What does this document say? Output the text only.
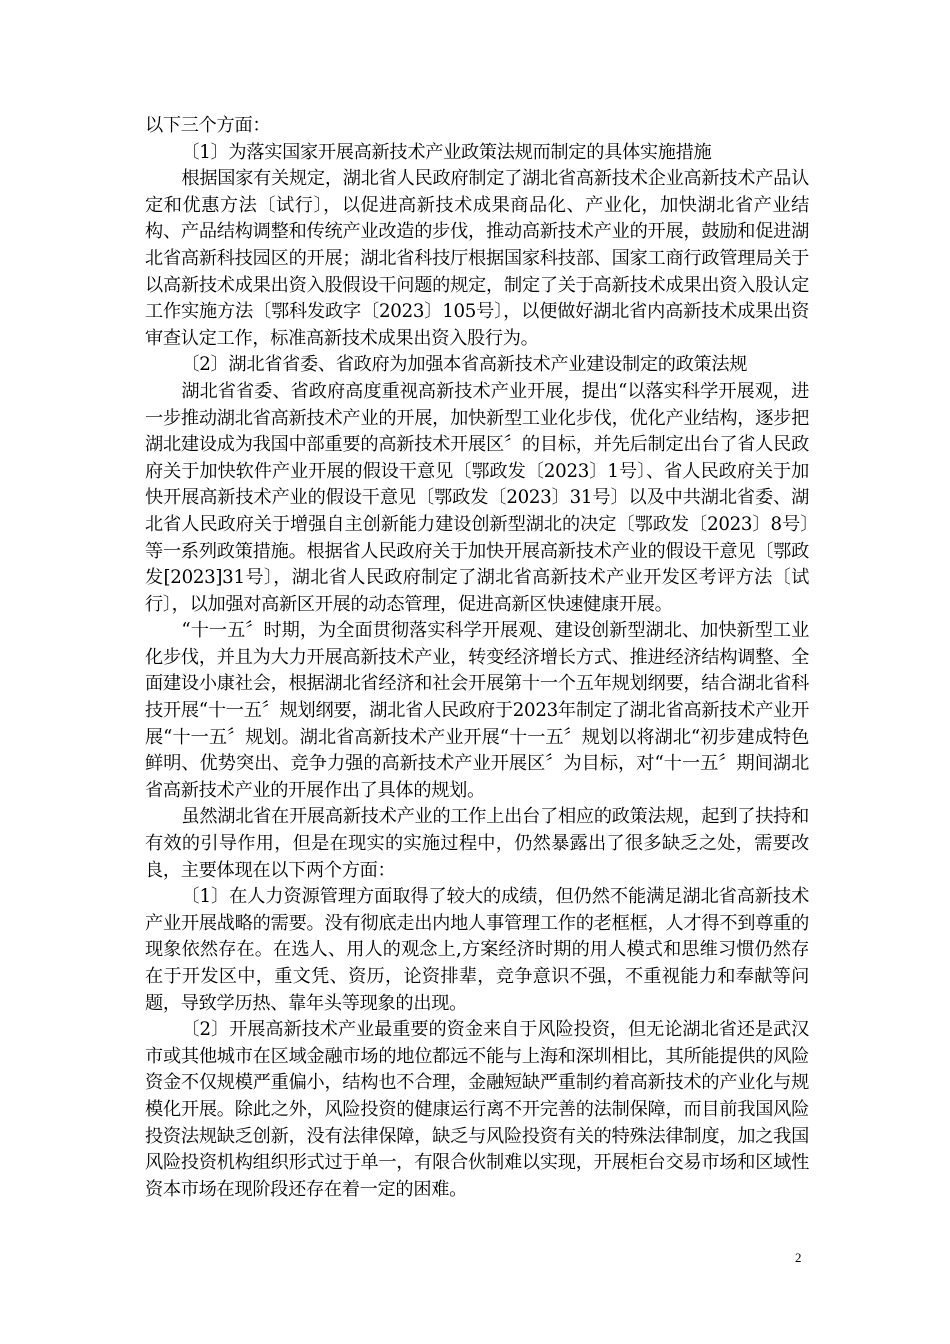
以下三个方面：

〔1〕为落实国家开展高新技术产业政策法规而制定的具体实施措施

根据国家有关规定，湖北省人民政府制定了湖北省高新技术企业高新技术产品认定和优惠方法〔试行〕，以促进高新技术成果商品化、产业化，加快湖北省产业结构、产品结构调整和传统产业改造的步伐，推动高新技术产业的开展，鼓励和促进湖北省高新科技园区的开展；湖北省科技厅根据国家科技部、国家工商行政管理局关于以高新技术成果出资入股假设干问题的规定，制定了关于高新技术成果出资入股认定工作实施方法〔鄂科发政字〔2023〕105号〕，以便做好湖北省内高新技术成果出资审查认定工作，标准高新技术成果出资入股行为。

〔2〕湖北省省委、省政府为加强本省高新技术产业建设制定的政策法规

湖北省省委、省政府高度重视高新技术产业开展，提出“以落实科学开展观，进一步推动湖北省高新技术产业的开展，加快新型工业化步伐，优化产业结构，逐步把湖北建设成为我国中部重要的高新技术开展区〞的目标，并先后制定出台了省人民政府关于加快软件产业开展的假设干意见〔鄂政发〔2023〕1号〕、省人民政府关于加快开展高新技术产业的假设干意见〔鄂政发〔2023〕31号〕以及中共湖北省委、湖北省人民政府关于增强自主创新能力建设创新型湖北的决定〔鄂政发〔2023〕8号〕等一系列政策措施。根据省人民政府关于加快开展高新技术产业的假设干意见〔鄂政发[2023]31号〕，湖北省人民政府制定了湖北省高新技术产业开发区考评方法〔试行〕，以加强对高新区开展的动态管理，促进高新区快速健康开展。

“十一五〞时期，为全面贯彻落实科学开展观、建设创新型湖北、加快新型工业化步伐，并且为大力开展高新技术产业，转变经济增长方式、推进经济结构调整、全面建设小康社会，根据湖北省经济和社会开展第十一个五年规划纲要，结合湖北省科技开展“十一五〞规划纲要，湖北省人民政府于2023年制定了湖北省高新技术产业开展“十一五〞规划。湖北省高新技术产业开展“十一五〞规划以将湖北“初步建成特色鲜明、优势突出、竞争力强的高新技术产业开展区〞为目标，对“十一五〞期间湖北省高新技术产业的开展作出了具体的规划。

虽然湖北省在开展高新技术产业的工作上出台了相应的政策法规，起到了扶持和有效的引导作用，但是在现实的实施过程中，仍然暴露出了很多缺乏之处，需要改良，主要体现在以下两个方面：

〔1〕在人力资源管理方面取得了较大的成绩，但仍然不能满足湖北省高新技术产业开展战略的需要。没有彻底走出内地人事管理工作的老框框，人才得不到尊重的现象依然存在。在选人、用人的观念上,方案经济时期的用人模式和思维习惯仍然存在于开发区中，重文凭、资历，论资排辈，竞争意识不强，不重视能力和奉献等问题，导致学历热、靠年头等现象的出现。

〔2〕开展高新技术产业最重要的资金来自于风险投资，但无论湖北省还是武汉市或其他城市在区域金融市场的地位都远不能与上海和深圳相比，其所能提供的风险资金不仅规模严重偏小，结构也不合理，金融短缺严重制约着高新技术的产业化与规模化开展。除此之外，风险投资的健康运行离不开完善的法制保障，而目前我国风险投资法规缺乏创新，没有法律保障，缺乏与风险投资有关的特殊法律制度，加之我国风险投资机构组织形式过于单一，有限合伙制难以实现，开展柜台交易市场和区域性资本市场在现阶段还存在着一定的困难。

2
